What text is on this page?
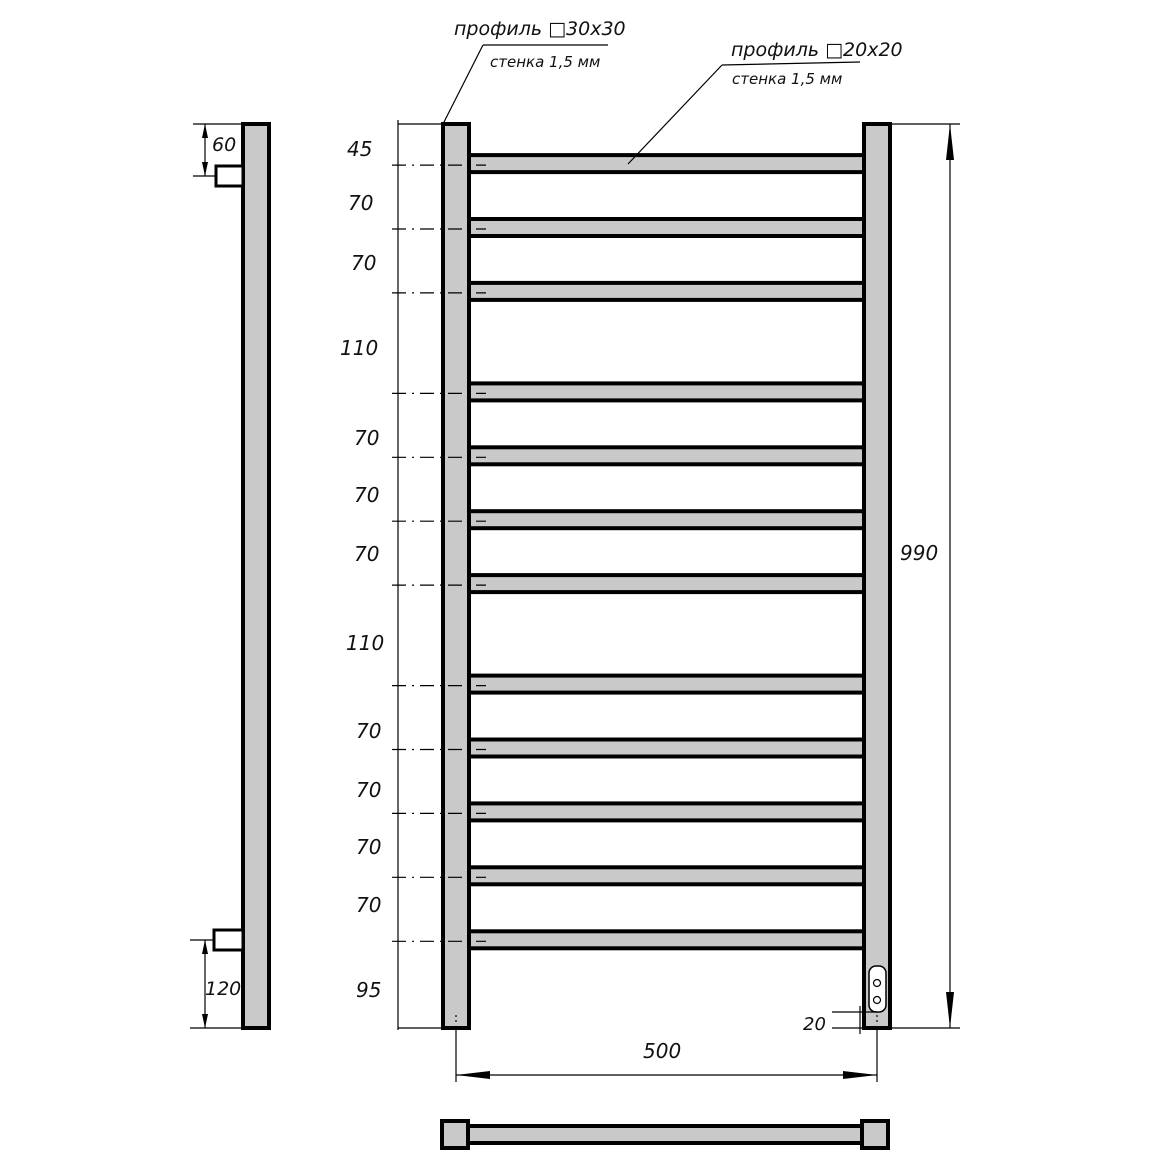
60
120
45
70
70
110
70
70
70
110
70
70
70
70
95
990
20
500
профиль □30х30
стенка 1,5 мм
профиль □20х20
стенка 1,5 мм
